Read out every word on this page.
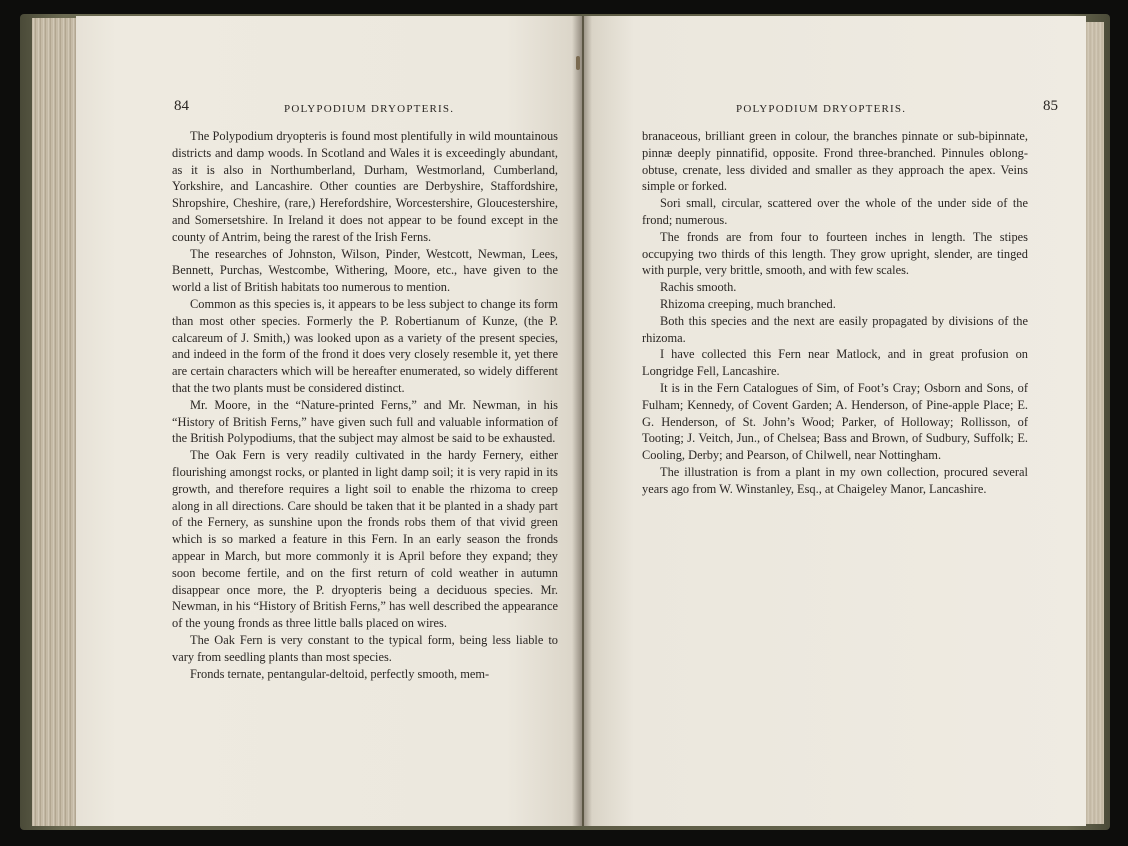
84	POLYPODIUM DRYOPTERIS.

The Polypodium dryopteris is found most plentifully in wild mountainous districts and damp woods. In Scotland and Wales it is exceedingly abundant, as it is also in Northumberland, Durham, Westmorland, Cumberland, Yorkshire, and Lancashire. Other counties are Derbyshire, Staffordshire, Shropshire, Cheshire, (rare,) Herefordshire, Worcestershire, Gloucestershire, and Somersetshire. In Ireland it does not appear to be found except in the county of Antrim, being the rarest of the Irish Ferns.

The researches of Johnston, Wilson, Pinder, Westcott, Newman, Lees, Bennett, Purchas, Westcombe, Withering, Moore, etc., have given to the world a list of British habitats too numerous to mention.

Common as this species is, it appears to be less subject to change its form than most other species. Formerly the P. Robertianum of Kunze, (the P. calcareum of J. Smith,) was looked upon as a variety of the present species, and indeed in the form of the frond it does very closely resemble it, yet there are certain characters which will be hereafter enumerated, so widely different that the two plants must be considered distinct.

Mr. Moore, in the “Nature-printed Ferns,” and Mr. Newman, in his “History of British Ferns,” have given such full and valuable information of the British Polypodiums, that the subject may almost be said to be exhausted.

The Oak Fern is very readily cultivated in the hardy Fernery, either flourishing amongst rocks, or planted in light damp soil; it is very rapid in its growth, and therefore requires a light soil to enable the rhizoma to creep along in all directions. Care should be taken that it be planted in a shady part of the Fernery, as sunshine upon the fronds robs them of that vivid green which is so marked a feature in this Fern. In an early season the fronds appear in March, but more commonly it is April before they expand; they soon become fertile, and on the first return of cold weather in autumn disappear once more, the P. dryopteris being a deciduous species. Mr. Newman, in his “History of British Ferns,” has well described the appearance of the young fronds as three little balls placed on wires.

The Oak Fern is very constant to the typical form, being less liable to vary from seedling plants than most species.

Fronds ternate, pentangular-deltoid, perfectly smooth, mem-

POLYPODIUM DRYOPTERIS.	85

branaceous, brilliant green in colour, the branches pinnate or sub-bipinnate, pinnæ deeply pinnatifid, opposite. Frond three-branched. Pinnules oblong-obtuse, crenate, less divided and smaller as they approach the apex. Veins simple or forked.

Sori small, circular, scattered over the whole of the under side of the frond; numerous.

The fronds are from four to fourteen inches in length. The stipes occupying two thirds of this length. They grow upright, slender, are tinged with purple, very brittle, smooth, and with few scales.

Rachis smooth.

Rhizoma creeping, much branched.

Both this species and the next are easily propagated by divisions of the rhizoma.

I have collected this Fern near Matlock, and in great profusion on Longridge Fell, Lancashire.

It is in the Fern Catalogues of Sim, of Foot’s Cray; Osborn and Sons, of Fulham; Kennedy, of Covent Garden; A. Henderson, of Pine-apple Place; E. G. Henderson, of St. John’s Wood; Parker, of Holloway; Rollisson, of Tooting; J. Veitch, Jun., of Chelsea; Bass and Brown, of Sudbury, Suffolk; E. Cooling, Derby; and Pearson, of Chilwell, near Nottingham.

The illustration is from a plant in my own collection, procured several years ago from W. Winstanley, Esq., at Chaigeley Manor, Lancashire.
